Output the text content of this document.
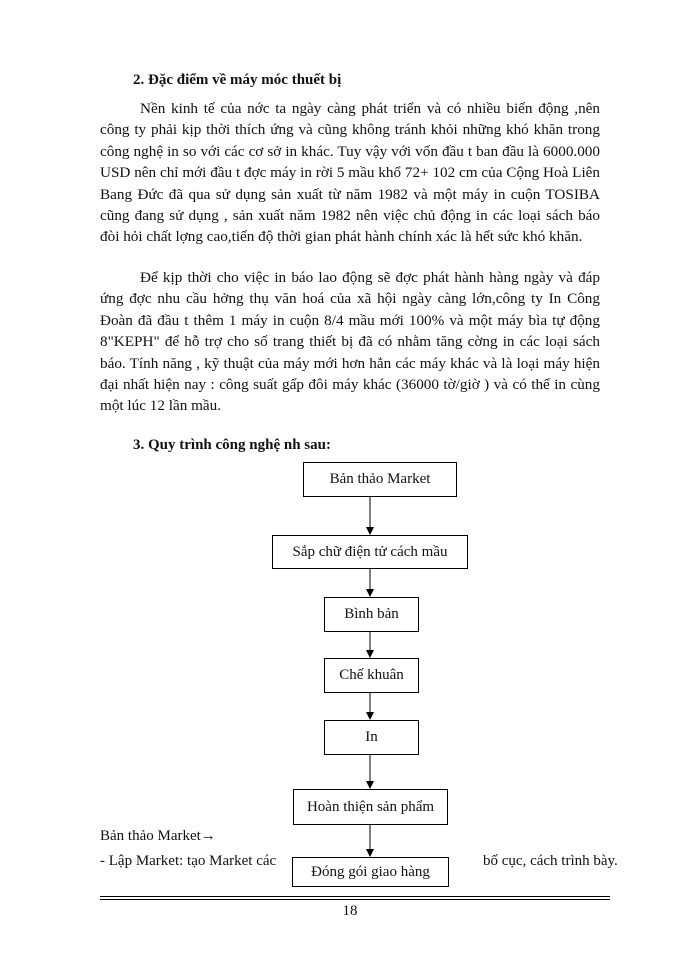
2. Đặc điểm về máy móc thuết bị
Nền kinh tế của nớc ta ngày càng phát triển và có nhiều biến động ,nên công ty phải kịp thời thích ứng và cũng không tránh khỏi những khó khăn trong công nghệ in so với các cơ sở in khác. Tuy vậy với vốn đầu t ban đầu là 6000.000 USD nên chỉ mới đầu t đợc máy in rời 5 mầu khổ 72+ 102 cm của Cộng Hoà Liên Bang Đức đã qua sử dụng sản xuất từ năm 1982 và một máy in cuộn TOSIBA cũng đang sử dụng , sản xuất năm 1982 nên việc chủ động in các loại sách báo đòi hỏi chất lợng cao,tiến độ thời gian phát hành chính xác là hết sức khó khăn.
Để kịp thời cho việc in báo lao động sẽ đợc phát hành hàng ngày và đáp ứng đợc nhu cầu hởng thụ văn hoá của xã hội ngày càng lớn,công ty In Công Đoàn đã đầu t thêm 1 máy in cuộn 8/4 mầu mới 100% và một máy bìa tự động 8"KEPH" để hỗ trợ cho số trang thiết bị đã có nhằm tăng cờng in các loại sách báo. Tính năng , kỹ thuật của máy mới hơn hẳn các máy khác và là loại máy hiện đại nhất hiện nay : công suất gấp đôi máy khác (36000 tờ/giờ ) và có thể in cùng một lúc 12 lần mầu.
3. Quy trình công nghệ nh sau:
Bản thảo Market
Sắp chữ điện tử cách mầu
Bình bản
Chế khuân
In
Hoàn thiện sản phẩm
Bản thảo Market→
- Lập Market: tạo Market các	bố cục, cách trình bày.
Đóng gói giao hàng
18
